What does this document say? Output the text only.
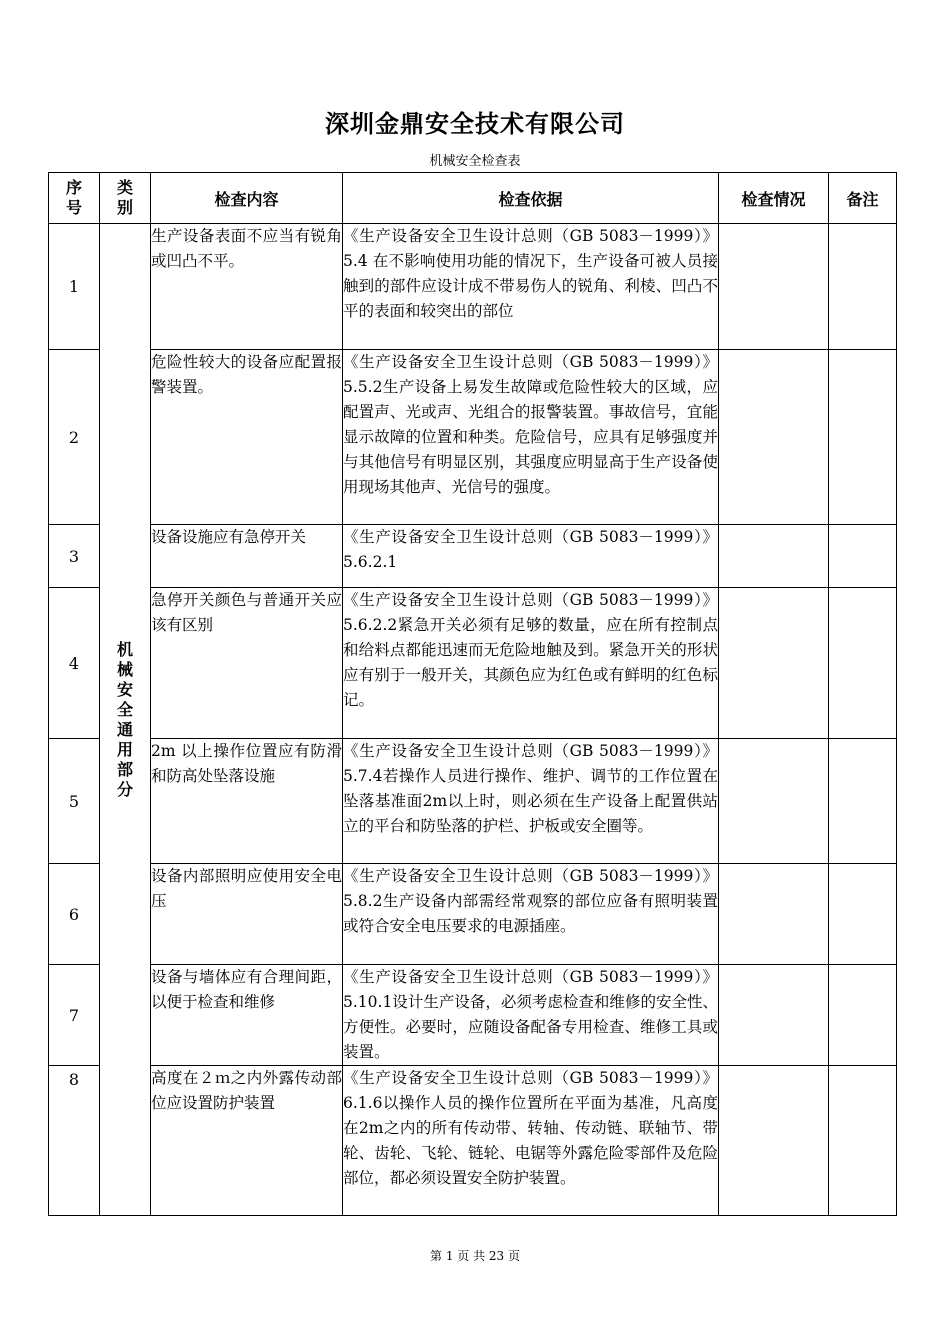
深圳金鼎安全技术有限公司
机械安全检查表
序号	类别	检查内容	检查依据	检查情况	备注
1	机械安全通用部分	生产设备表面不应当有锐角或凹凸不平。	《生产设备安全卫生设计总则（GB 5083－1999）》5.4 在不影响使用功能的情况下，生产设备可被人员接触到的部件应设计成不带易伤人的锐角、利棱、凹凸不平的表面和较突出的部位		
2		危险性较大的设备应配置报警装置。	《生产设备安全卫生设计总则（GB 5083－1999）》 5.5.2生产设备上易发生故障或危险性较大的区域，应配置声、光或声、光组合的报警装置。事故信号，宜能显示故障的位置和种类。危险信号，应具有足够强度并与其他信号有明显区别，其强度应明显高于生产设备使用现场其他声、光信号的强度。		
3		设备设施应有急停开关	《生产设备安全卫生设计总则（GB 5083－1999）》 5.6.2.1		
4		急停开关颜色与普通开关应该有区别	《生产设备安全卫生设计总则（GB 5083－1999）》 5.6.2.2紧急开关必须有足够的数量，应在所有控制点和给料点都能迅速而无危险地触及到。紧急开关的形状应有别于一般开关，其颜色应为红色或有鲜明的红色标记。		
5		2m 以上操作位置应有防滑和防高处坠落设施	《生产设备安全卫生设计总则（GB 5083－1999）》 5.7.4若操作人员进行操作、维护、调节的工作位置在坠落基准面2m以上时，则必须在生产设备上配置供站立的平台和防坠落的护栏、护板或安全圈等。		
6		设备内部照明应使用安全电压	《生产设备安全卫生设计总则（GB 5083－1999）》 5.8.2生产设备内部需经常观察的部位应备有照明装置或符合安全电压要求的电源插座。		
7		设备与墙体应有合理间距，以便于检查和维修	《生产设备安全卫生设计总则（GB 5083－1999）》 5.10.1设计生产设备，必须考虑检查和维修的安全性、方便性。必要时，应随设备配备专用检查、维修工具或装置。		
8		高度在２ｍ之内外露传动部位应设置防护装置	《生产设备安全卫生设计总则（GB 5083－1999）》 6.1.6以操作人员的操作位置所在平面为基准，凡高度在2m之内的所有传动带、转轴、传动链、联轴节、带轮、齿轮、飞轮、链轮、电锯等外露危险零部件及危险部位，都必须设置安全防护装置。		
第 1 页 共 23 页
